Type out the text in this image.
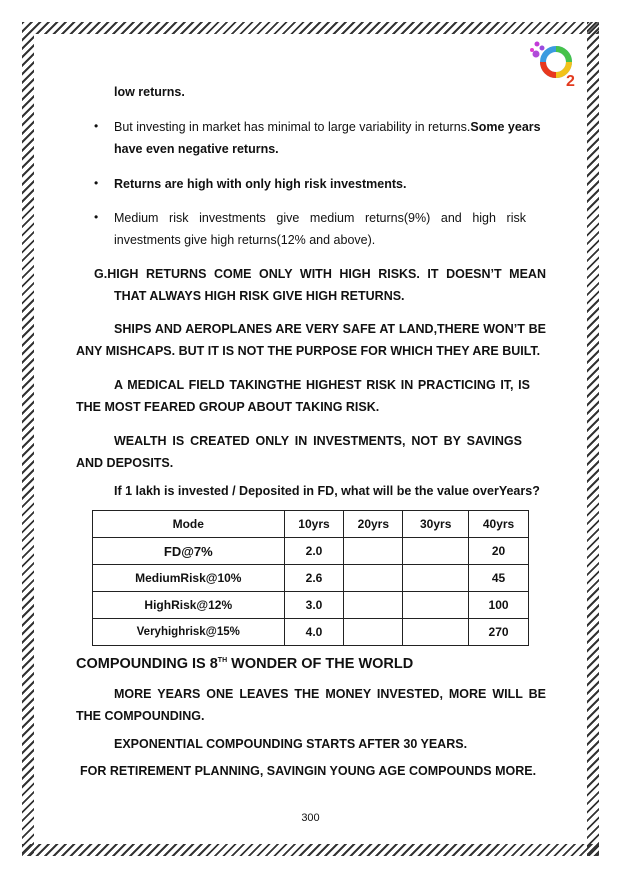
2
low returns.
• But investing in market has minimal to large variability in returns.Some years
have even negative returns.
• Returns are high with only high risk investments.
• Medium risk investments give medium returns(9%) and high risk
investments give high returns(12% and above).
G.HIGH RETURNS COME ONLY WITH HIGH RISKS. IT DOESN’T MEAN
THAT ALWAYS HIGH RISK GIVE HIGH RETURNS.
SHIPS AND AEROPLANES ARE VERY SAFE AT LAND,THERE WON’T BE
ANY MISHCAPS. BUT IT IS NOT THE PURPOSE FOR WHICH THEY ARE BUILT.
A MEDICAL FIELD TAKINGTHE HIGHEST RISK IN PRACTICING IT, IS
THE MOST FEARED GROUP ABOUT TAKING RISK.
WEALTH IS CREATED ONLY IN INVESTMENTS, NOT BY SAVINGS
AND DEPOSITS.
If 1 lakh is invested / Deposited in FD, what will be the value overYears?
Mode	10yrs	20yrs	30yrs	40yrs
FD@7%	2.0			20
MediumRisk@10%	2.6			45
HighRisk@12%	3.0			100
Veryhighrisk@15%	4.0			270
COMPOUNDING IS 8TH WONDER OF THE WORLD
MORE YEARS ONE LEAVES THE MONEY INVESTED, MORE WILL BE
THE COMPOUNDING.
EXPONENTIAL COMPOUNDING STARTS AFTER 30 YEARS.
FOR RETIREMENT PLANNING, SAVINGIN YOUNG AGE COMPOUNDS MORE.
300
